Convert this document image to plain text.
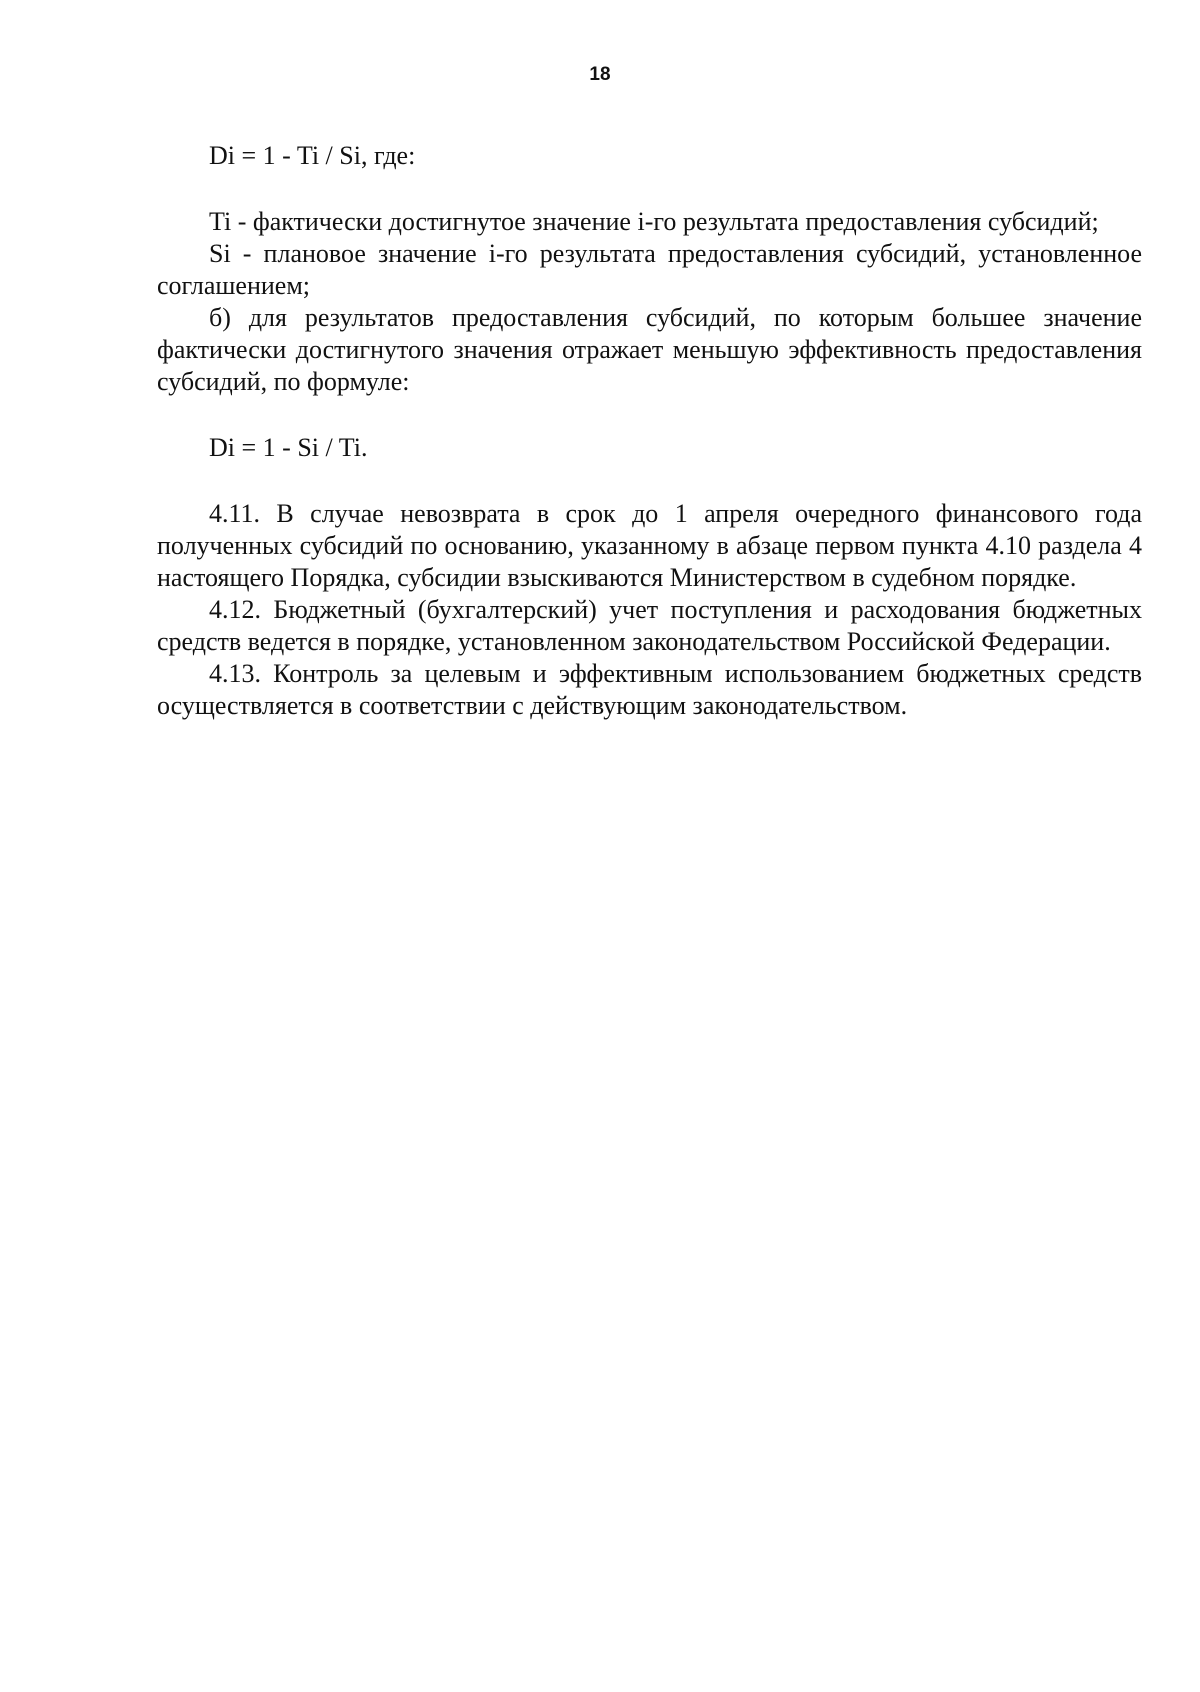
18

Di = 1 - Ti / Si, где:

Ti - фактически достигнутое значение i-го результата предоставления субсидий;

Si - плановое значение i-го результата предоставления субсидий, установленное соглашением;

б) для результатов предоставления субсидий, по которым большее значение фактически достигнутого значения отражает меньшую эффективность предоставления субсидий, по формуле:

Di = 1 - Si / Ti.

4.11. В случае невозврата в срок до 1 апреля очередного финансового года полученных субсидий по основанию, указанному в абзаце первом пункта 4.10 раздела 4 настоящего Порядка, субсидии взыскиваются Министерством в судебном порядке.

4.12. Бюджетный (бухгалтерский) учет поступления и расходования бюджетных средств ведется в порядке, установленном законодательством Российской Федерации.

4.13. Контроль за целевым и эффективным использованием бюджетных средств осуществляется в соответствии с действующим законодательством.
